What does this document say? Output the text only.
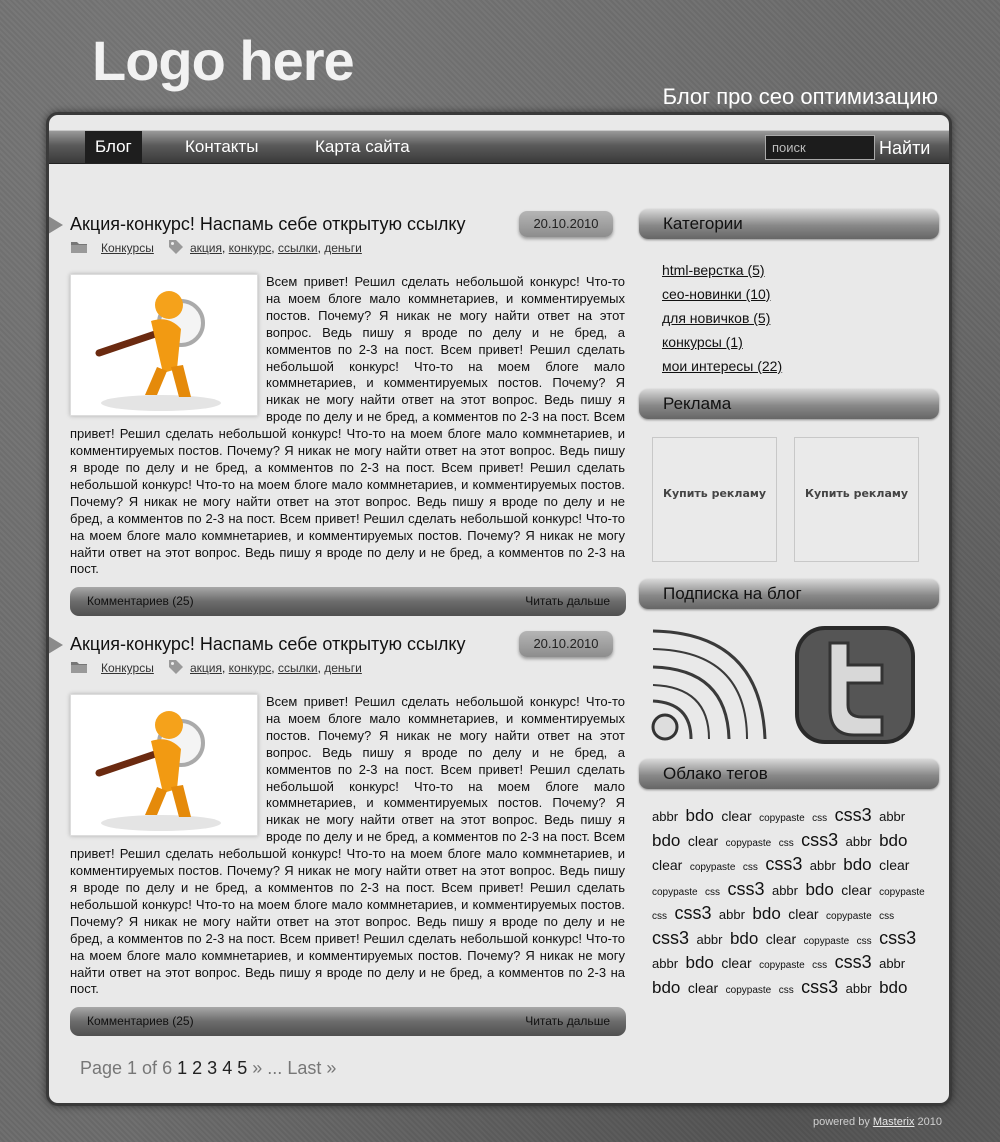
Logo here
Блог про сео оптимизацию
Блог	Контакты	Карта сайта
поиск	Найти
Акция-конкурс! Наспамь себе открытую ссылку	20.10.2010
Конкурсы	акция, конкурс, ссылки, деньги
Всем привет! Решил сделать небольшой конкурс! Что-то на моем блоге мало коммнетариев, и комментируемых постов. Почему? Я никак не могу найти ответ на этот вопрос. Ведь пишу я вроде по делу и не бред, а комментов по 2-3 на пост. Всем привет! Решил сделать небольшой конкурс! Что-то на моем блоге мало коммнетариев, и комментируемых постов. Почему? Я никак не могу найти ответ на этот вопрос. Ведь пишу я вроде по делу и не бред, а комментов по 2-3 на пост. Всем привет! Решил сделать небольшой конкурс! Что-то на моем блоге мало коммнетариев, и комментируемых постов. Почему? Я никак не могу найти ответ на этот вопрос. Ведь пишу я вроде по делу и не бред, а комментов по 2-3 на пост. Всем привет! Решил сделать небольшой конкурс! Что-то на моем блоге мало коммнетариев, и комментируемых постов. Почему? Я никак не могу найти ответ на этот вопрос. Ведь пишу я вроде по делу и не бред, а комментов по 2-3 на пост. Всем привет! Решил сделать небольшой конкурс! Что-то на моем блоге мало коммнетариев, и комментируемых постов. Почему? Я никак не могу найти ответ на этот вопрос. Ведь пишу я вроде по делу и не бред, а комментов по 2-3 на пост.
Комментариев (25)	Читать дальше
Акция-конкурс! Наспамь себе открытую ссылку	20.10.2010
Конкурсы	акция, конкурс, ссылки, деньги
Всем привет! Решил сделать небольшой конкурс! Что-то на моем блоге мало коммнетариев, и комментируемых постов. Почему? Я никак не могу найти ответ на этот вопрос. Ведь пишу я вроде по делу и не бред, а комментов по 2-3 на пост. Всем привет! Решил сделать небольшой конкурс! Что-то на моем блоге мало коммнетариев, и комментируемых постов. Почему? Я никак не могу найти ответ на этот вопрос. Ведь пишу я вроде по делу и не бред, а комментов по 2-3 на пост. Всем привет! Решил сделать небольшой конкурс! Что-то на моем блоге мало коммнетариев, и комментируемых постов. Почему? Я никак не могу найти ответ на этот вопрос. Ведь пишу я вроде по делу и не бред, а комментов по 2-3 на пост. Всем привет! Решил сделать небольшой конкурс! Что-то на моем блоге мало коммнетариев, и комментируемых постов. Почему? Я никак не могу найти ответ на этот вопрос. Ведь пишу я вроде по делу и не бред, а комментов по 2-3 на пост. Всем привет! Решил сделать небольшой конкурс! Что-то на моем блоге мало коммнетариев, и комментируемых постов. Почему? Я никак не могу найти ответ на этот вопрос. Ведь пишу я вроде по делу и не бред, а комментов по 2-3 на пост.
Комментариев (25)	Читать дальше
Page 1 of 6 1 2 3 4 5 » ... Last »
Категории
html-верстка (5)
сео-новинки (10)
для новичков (5)
конкурсы (1)
мои интересы (22)
Реклама
Купить рекламу	Купить рекламу
Подписка на блог
Облако тегов
abbr bdo clear copypaste css css3 abbr bdo clear copypaste css css3 abbr bdo clear copypaste css css3 abbr bdo clear copypaste css css3 abbr bdo clear copypaste css css3 abbr bdo clear copypaste css css3 abbr bdo clear copypaste css css3 abbr bdo clear copypaste css css3 abbr bdo clear copypaste css css3 abbr bdo
powered by Masterix 2010
